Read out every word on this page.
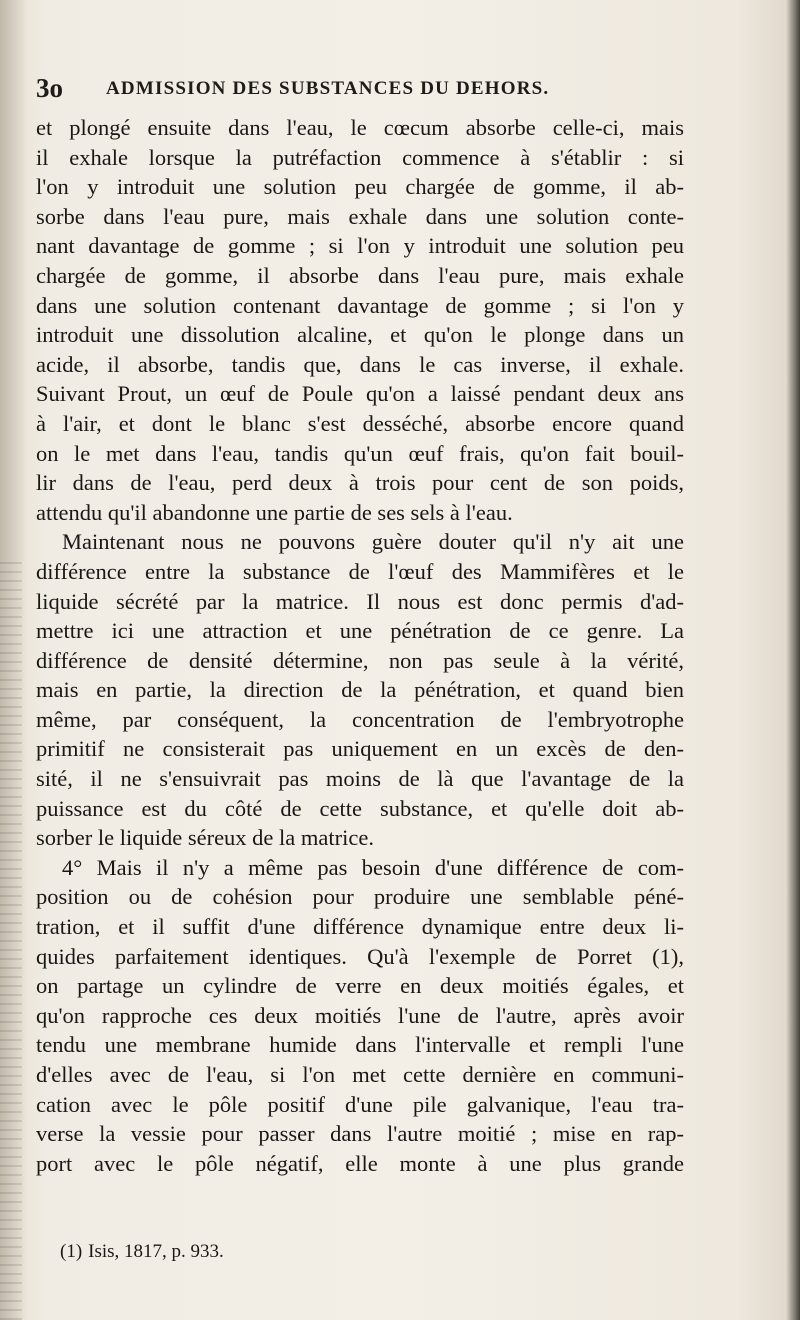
3o ADMISSION DES SUBSTANCES DU DEHORS.
et plongé ensuite dans l'eau, le cœcum absorbe celle-ci, mais
il exhale lorsque la putréfaction commence à s'établir : si
l'on y introduit une solution peu chargée de gomme, il ab-
sorbe dans l'eau pure, mais exhale dans une solution conte-
nant davantage de gomme ; si l'on y introduit une solution peu
chargée de gomme, il absorbe dans l'eau pure, mais exhale
dans une solution contenant davantage de gomme ; si l'on y
introduit une dissolution alcaline, et qu'on le plonge dans un
acide, il absorbe, tandis que, dans le cas inverse, il exhale.
Suivant Prout, un œuf de Poule qu'on a laissé pendant deux ans
à l'air, et dont le blanc s'est desséché, absorbe encore quand
on le met dans l'eau, tandis qu'un œuf frais, qu'on fait bouil-
lir dans de l'eau, perd deux à trois pour cent de son poids,
attendu qu'il abandonne une partie de ses sels à l'eau.
Maintenant nous ne pouvons guère douter qu'il n'y ait une
différence entre la substance de l'œuf des Mammifères et le
liquide sécrété par la matrice. Il nous est donc permis d'ad-
mettre ici une attraction et une pénétration de ce genre. La
différence de densité détermine, non pas seule à la vérité,
mais en partie, la direction de la pénétration, et quand bien
même, par conséquent, la concentration de l'embryotrophe
primitif ne consisterait pas uniquement en un excès de den-
sité, il ne s'ensuivrait pas moins de là que l'avantage de la
puissance est du côté de cette substance, et qu'elle doit ab-
sorber le liquide séreux de la matrice.
4° Mais il n'y a même pas besoin d'une différence de com-
position ou de cohésion pour produire une semblable péné-
tration, et il suffit d'une différence dynamique entre deux li-
quides parfaitement identiques. Qu'à l'exemple de Porret (1),
on partage un cylindre de verre en deux moitiés égales, et
qu'on rapproche ces deux moitiés l'une de l'autre, après avoir
tendu une membrane humide dans l'intervalle et rempli l'une
d'elles avec de l'eau, si l'on met cette dernière en communi-
cation avec le pôle positif d'une pile galvanique, l'eau tra-
verse la vessie pour passer dans l'autre moitié ; mise en rap-
port avec le pôle négatif, elle monte à une plus grande
(1) Isis, 1817, p. 933.
